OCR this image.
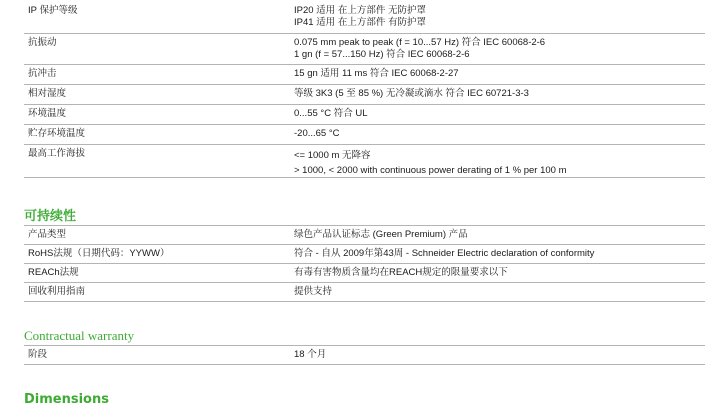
IP 保护等级	IP20 适用 在上方部件 无防护罩
IP41 适用 在上方部件 有防护罩
抗振动	0.075 mm peak to peak (f = 10...57 Hz) 符合 IEC 60068-2-6
1 gn (f = 57...150 Hz) 符合 IEC 60068-2-6
抗冲击	15 gn 适用 11 ms 符合 IEC 60068-2-27
相对湿度	等级 3K3 (5 至 85 %) 无冷凝或滴水 符合 IEC 60721-3-3
环境温度	0...55 °C 符合 UL
贮存环境温度	-20...65 °C
最高工作海拔	<= 1000 m 无降容
> 1000, < 2000 with continuous power derating of 1 % per 100 m
可持续性
产品类型	绿色产品认证标志 (Green Premium) 产品
RoHS法规（日期代码：YYWW）	符合 - 自从 2009年第43周 - Schneider Electric declaration of conformity
REACh法规	有毒有害物质含量均在REACH规定的限量要求以下
回收利用指南	提供支持
Contractual warranty
阶段	18 个月
Dimensions
